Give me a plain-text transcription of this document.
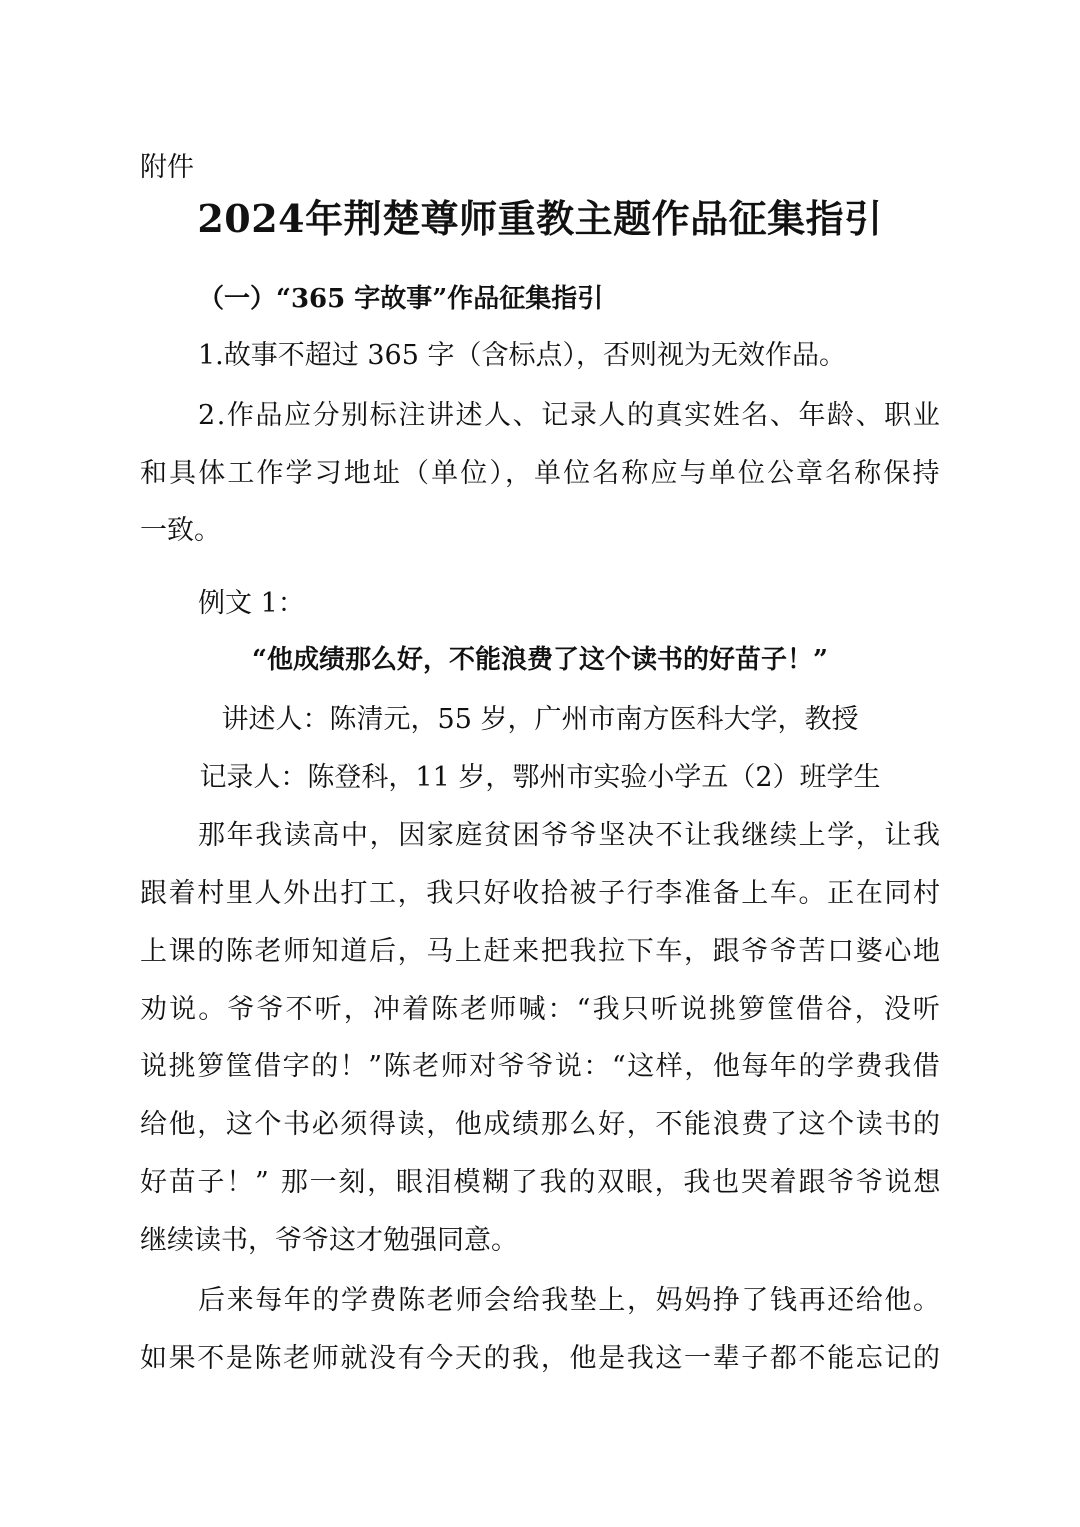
附件
2024年荆楚尊师重教主题作品征集指引
（一）“365 字故事”作品征集指引
1.故事不超过 365 字（含标点），否则视为无效作品。
2.作品应分别标注讲述人、记录人的真实姓名、年龄、职业
和具体工作学习地址（单位），单位名称应与单位公章名称保持
一致。
例文 1：
“他成绩那么好，不能浪费了这个读书的好苗子！”
讲述人：陈清元，55 岁，广州市南方医科大学，教授
记录人：陈登科，11 岁，鄂州市实验小学五（2）班学生
那年我读高中，因家庭贫困爷爷坚决不让我继续上学，让我
跟着村里人外出打工，我只好收拾被子行李准备上车。正在同村
上课的陈老师知道后，马上赶来把我拉下车，跟爷爷苦口婆心地
劝说。爷爷不听，冲着陈老师喊：“我只听说挑箩筐借谷，没听
说挑箩筐借字的！”陈老师对爷爷说：“这样，他每年的学费我借
给他，这个书必须得读，他成绩那么好，不能浪费了这个读书的
好苗子！” 那一刻，眼泪模糊了我的双眼，我也哭着跟爷爷说想
继续读书，爷爷这才勉强同意。
后来每年的学费陈老师会给我垫上，妈妈挣了钱再还给他。
如果不是陈老师就没有今天的我，他是我这一辈子都不能忘记的
